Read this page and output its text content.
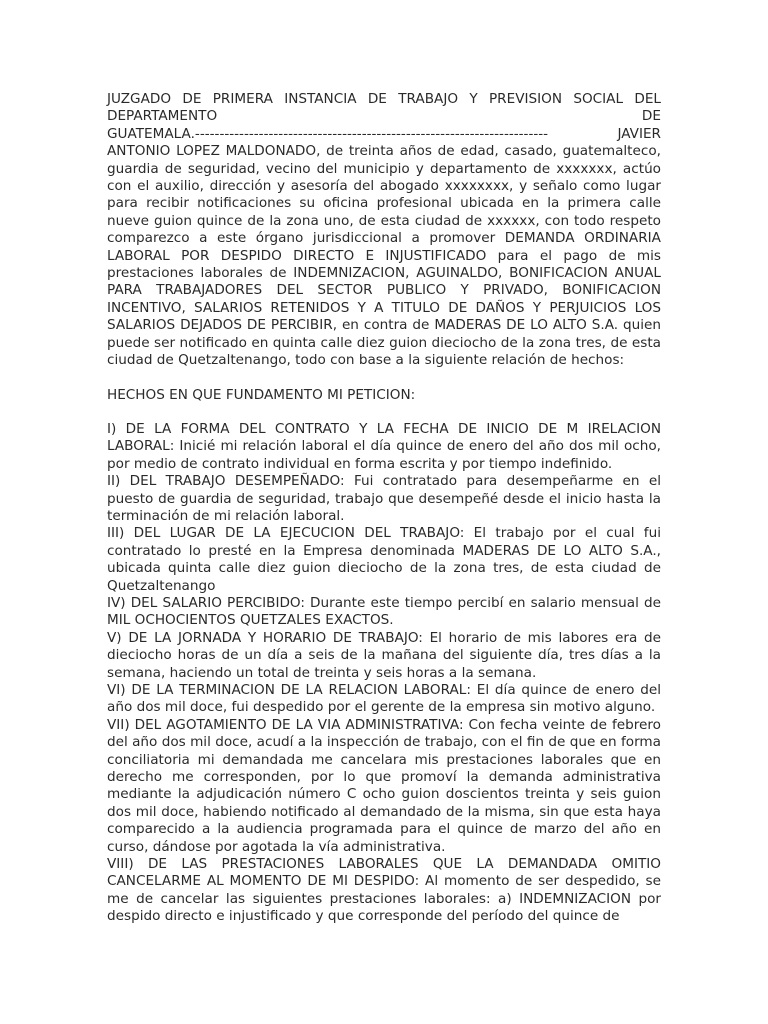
JUZGADO DE PRIMERA INSTANCIA DE TRABAJO Y PREVISION SOCIAL DEL

DEPARTAMENTO DE

GUATEMALA.------------------------------------------------------------------------ JAVIER ANTONIO LOPEZ MALDONADO, de treinta años de edad, casado, guatemalteco, guardia de seguridad, vecino del municipio y departamento de xxxxxxx, actúo con el auxilio, dirección y asesoría del abogado xxxxxxxx, y señalo como lugar para recibir notificaciones su oficina profesional ubicada en la primera calle nueve guion quince de la zona uno, de esta ciudad de xxxxxx, con todo respeto comparezco a este órgano jurisdiccional a promover DEMANDA ORDINARIA LABORAL POR DESPIDO DIRECTO E INJUSTIFICADO para el pago de mis prestaciones laborales de INDEMNIZACION, AGUINALDO, BONIFICACION ANUAL PARA TRABAJADORES DEL SECTOR PUBLICO Y PRIVADO, BONIFICACION INCENTIVO, SALARIOS RETENIDOS Y A TITULO DE DAÑOS Y PERJUICIOS LOS SALARIOS DEJADOS DE PERCIBIR, en contra de MADERAS DE LO ALTO S.A. quien puede ser notificado en quinta calle diez guion dieciocho de la zona tres, de esta ciudad de Quetzaltenango, todo con base a la siguiente relación de hechos:

HECHOS EN QUE FUNDAMENTO MI PETICION:

I) DE LA FORMA DEL CONTRATO Y LA FECHA DE INICIO DE M IRELACION LABORAL: Inicié mi relación laboral el día quince de enero del año dos mil ocho, por medio de contrato individual en forma escrita y por tiempo indefinido.

II) DEL TRABAJO DESEMPEÑADO: Fui contratado para desempeñarme en el puesto de guardia de seguridad, trabajo que desempeñé desde el inicio hasta la terminación de mi relación laboral.

III) DEL LUGAR DE LA EJECUCION DEL TRABAJO: El trabajo por el cual fui contratado lo presté en la Empresa denominada MADERAS DE LO ALTO S.A., ubicada quinta calle diez guion dieciocho de la zona tres, de esta ciudad de Quetzaltenango

IV) DEL SALARIO PERCIBIDO: Durante este tiempo percibí en salario mensual de MIL OCHOCIENTOS QUETZALES EXACTOS.

V) DE LA JORNADA Y HORARIO DE TRABAJO: El horario de mis labores era de dieciocho horas de un día a seis de la mañana del siguiente día, tres días a la semana, haciendo un total de treinta y seis horas a la semana.

VI) DE LA TERMINACION DE LA RELACION LABORAL: El día quince de enero del año dos mil doce, fui despedido por el gerente de la empresa sin motivo alguno.

VII) DEL AGOTAMIENTO DE LA VIA ADMINISTRATIVA: Con fecha veinte de febrero del año dos mil doce, acudí a la inspección de trabajo, con el fin de que en forma conciliatoria mi demandada me cancelara mis prestaciones laborales que en derecho me corresponden, por lo que promoví la demanda administrativa mediante la adjudicación número C ocho guion doscientos treinta y seis guion dos mil doce, habiendo notificado al demandado de la misma, sin que esta haya comparecido a la audiencia programada para el quince de marzo del año en curso, dándose por agotada la vía administrativa.

VIII) DE LAS PRESTACIONES LABORALES QUE LA DEMANDADA OMITIO CANCELARME AL MOMENTO DE MI DESPIDO: Al momento de ser despedido, se me de cancelar las siguientes prestaciones laborales: a) INDEMNIZACION por despido directo e injustificado y que corresponde del período del quince de
